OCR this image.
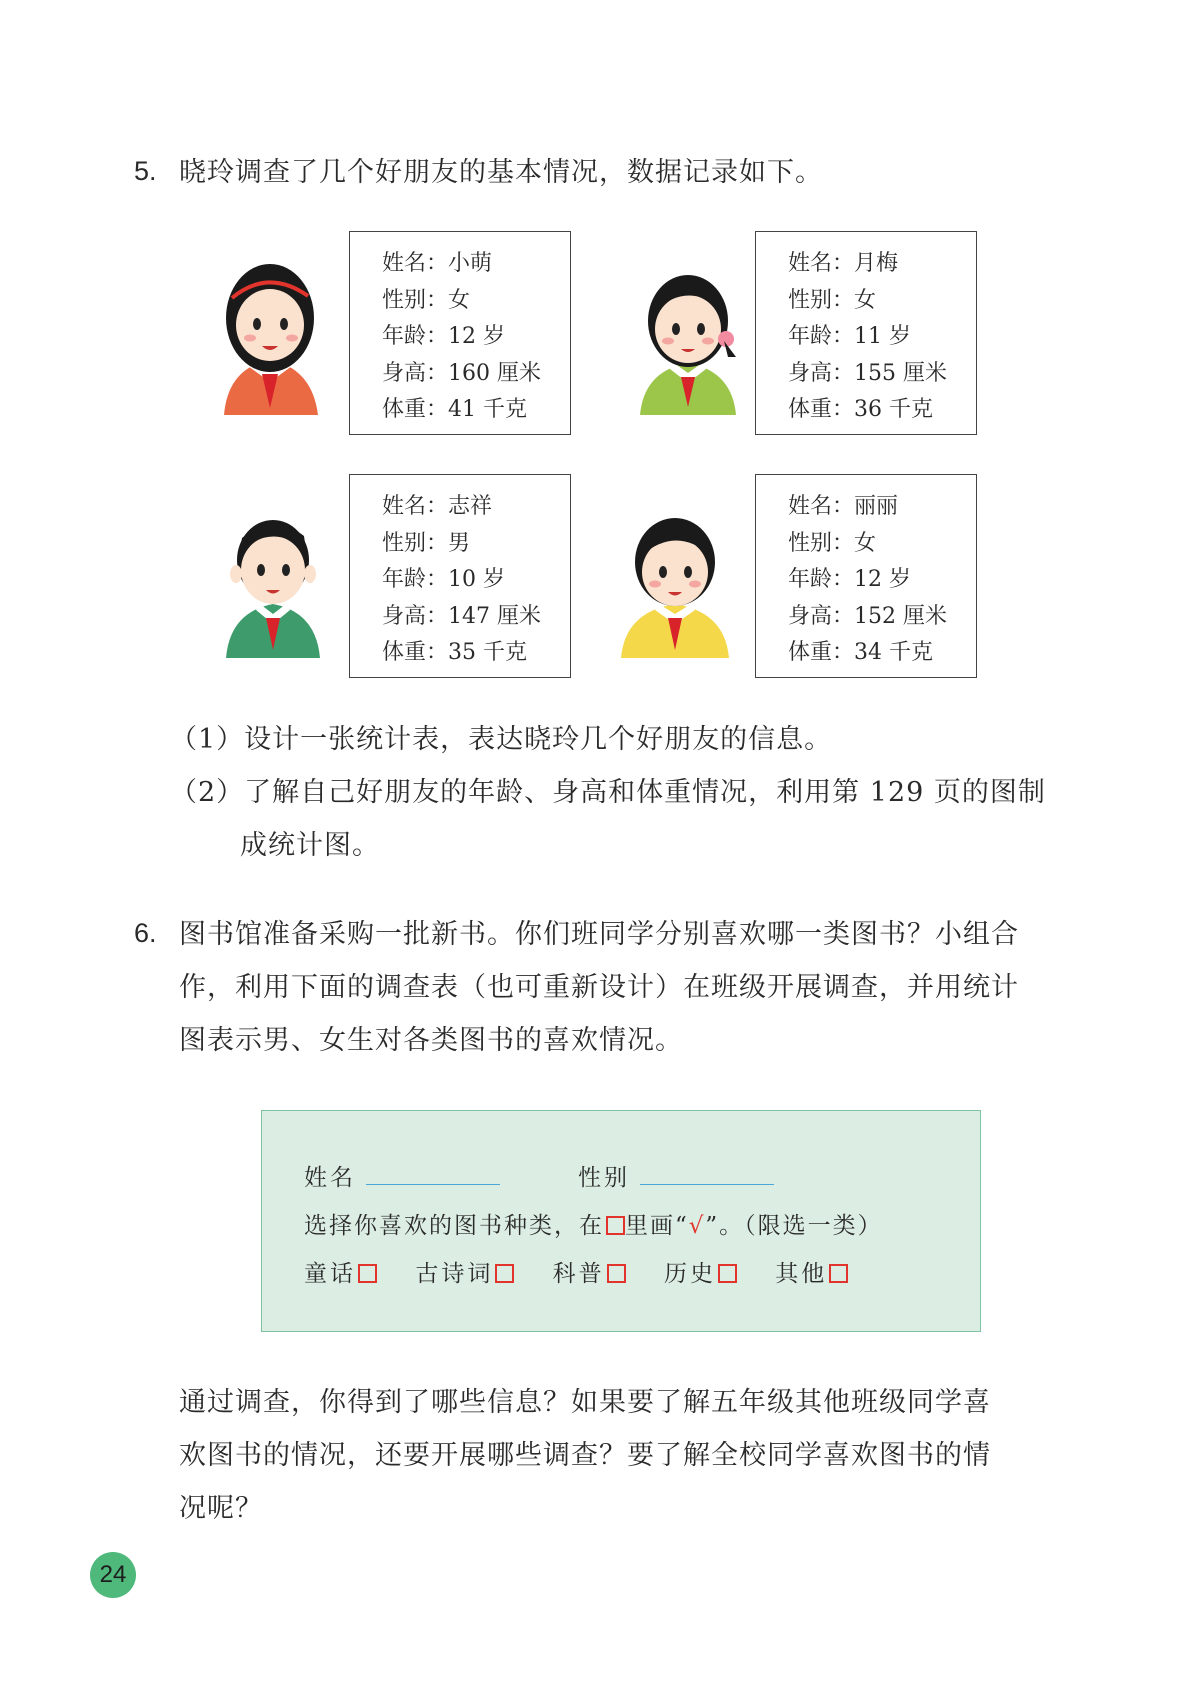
5. 晓玲调查了几个好朋友的基本情况，数据记录如下。
姓名：小萌
性别：女
年龄：12 岁
身高：160 厘米
体重：41 千克
姓名：月梅
性别：女
年龄：11 岁
身高：155 厘米
体重：36 千克
姓名：志祥
性别：男
年龄：10 岁
身高：147 厘米
体重：35 千克
姓名：丽丽
性别：女
年龄：12 岁
身高：152 厘米
体重：34 千克
（1）设计一张统计表，表达晓玲几个好朋友的信息。
（2）了解自己好朋友的年龄、身高和体重情况，利用第 129 页的图制
成统计图。
6. 图书馆准备采购一批新书。你们班同学分别喜欢哪一类图书？小组合
作，利用下面的调查表（也可重新设计）在班级开展调查，并用统计
图表示男、女生对各类图书的喜欢情况。
姓名	性别
选择你喜欢的图书种类，在 里画“√”。（限选一类）
童话	古诗词	科普	历史	其他
通过调查，你得到了哪些信息？如果要了解五年级其他班级同学喜
欢图书的情况，还要开展哪些调查？要了解全校同学喜欢图书的情
况呢？
24
